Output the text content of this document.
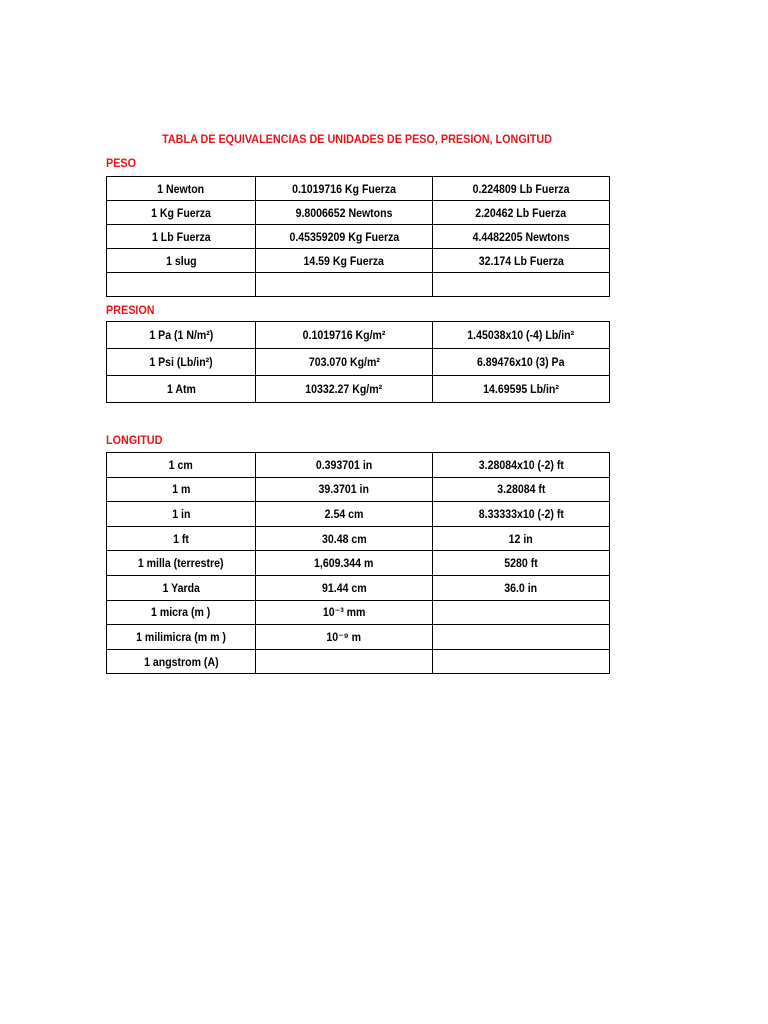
TABLA DE EQUIVALENCIAS DE UNIDADES DE PESO, PRESION, LONGITUD
PESO
1 Newton	0.1019716 Kg Fuerza	0.224809 Lb Fuerza
1 Kg Fuerza	9.8006652 Newtons	2.20462 Lb Fuerza
1 Lb Fuerza	0.45359209 Kg Fuerza	4.4482205 Newtons
1 slug	14.59 Kg Fuerza	32.174 Lb Fuerza

PRESION
1 Pa (1 N/m²)	0.1019716 Kg/m²	1.45038x10 (-4) Lb/in²
1 Psi (Lb/in²)	703.070 Kg/m²	6.89476x10 (3) Pa
1 Atm	10332.27 Kg/m²	14.69595 Lb/in²
LONGITUD
1 cm	0.393701 in	3.28084x10 (-2) ft
1 m	39.3701 in	3.28084 ft
1 in	2.54 cm	8.33333x10 (-2) ft
1 ft	30.48 cm	12 in
1 milla (terrestre)	1,609.344 m	5280 ft
1 Yarda	91.44 cm	36.0 in
1 micra (m )	10⁻³ mm	
1 milimicra (m m )	10⁻⁹ m	
1 angstrom (A)		
